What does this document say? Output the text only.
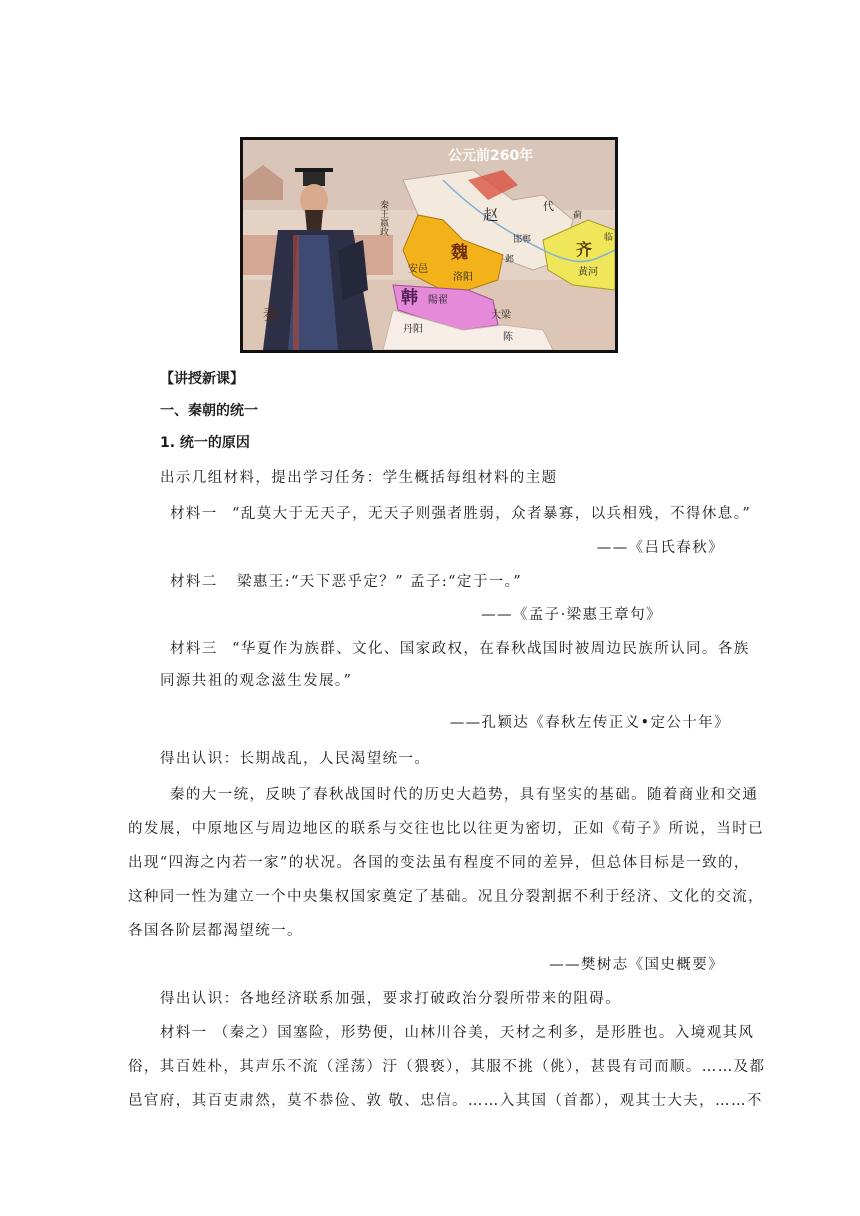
公元前260年
赵	代
蓟
邯郸
邺
魏
安邑
洛阳
齐
黄河
韩 陽翟
大梁
丹阳
陈
秦
临
秦王嬴政
【讲授新课】
一、秦朝的统一
1. 统一的原因
出示几组材料，提出学习任务：学生概括每组材料的主题
材料一 “乱莫大于无天子，无天子则强者胜弱，众者暴寡，以兵相残，不得休息。”
——《吕氏春秋》
材料二 梁惠王:“天下恶乎定？” 孟子:“定于一。”
——《孟子·梁惠王章句》
材料三 “华夏作为族群、文化、国家政权，在春秋战国时被周边民族所认同。各族
同源共祖的观念滋生发展。”
——孔颖达《春秋左传正义•定公十年》
得出认识：长期战乱，人民渴望统一。
秦的大一统，反映了春秋战国时代的历史大趋势，具有坚实的基础。随着商业和交通
的发展，中原地区与周边地区的联系与交往也比以往更为密切，正如《荀子》所说，当时已
出现“四海之内若一家”的状况。各国的变法虽有程度不同的差异，但总体目标是一致的，
这种同一性为建立一个中央集权国家奠定了基础。况且分裂割据不利于经济、文化的交流，
各国各阶层都渴望统一。
——樊树志《国史概要》
得出认识：各地经济联系加强，要求打破政治分裂所带来的阻碍。
材料一 （秦之）国塞险，形势便，山林川谷美，天材之利多，是形胜也。入境观其风
俗，其百姓朴，其声乐不流（淫荡）汙（猥亵），其服不挑（佻），甚畏有司而顺。……及都
邑官府，其百吏肃然，莫不恭俭、敦 敬、忠信。……入其国（首都），观其士大夫，……不
